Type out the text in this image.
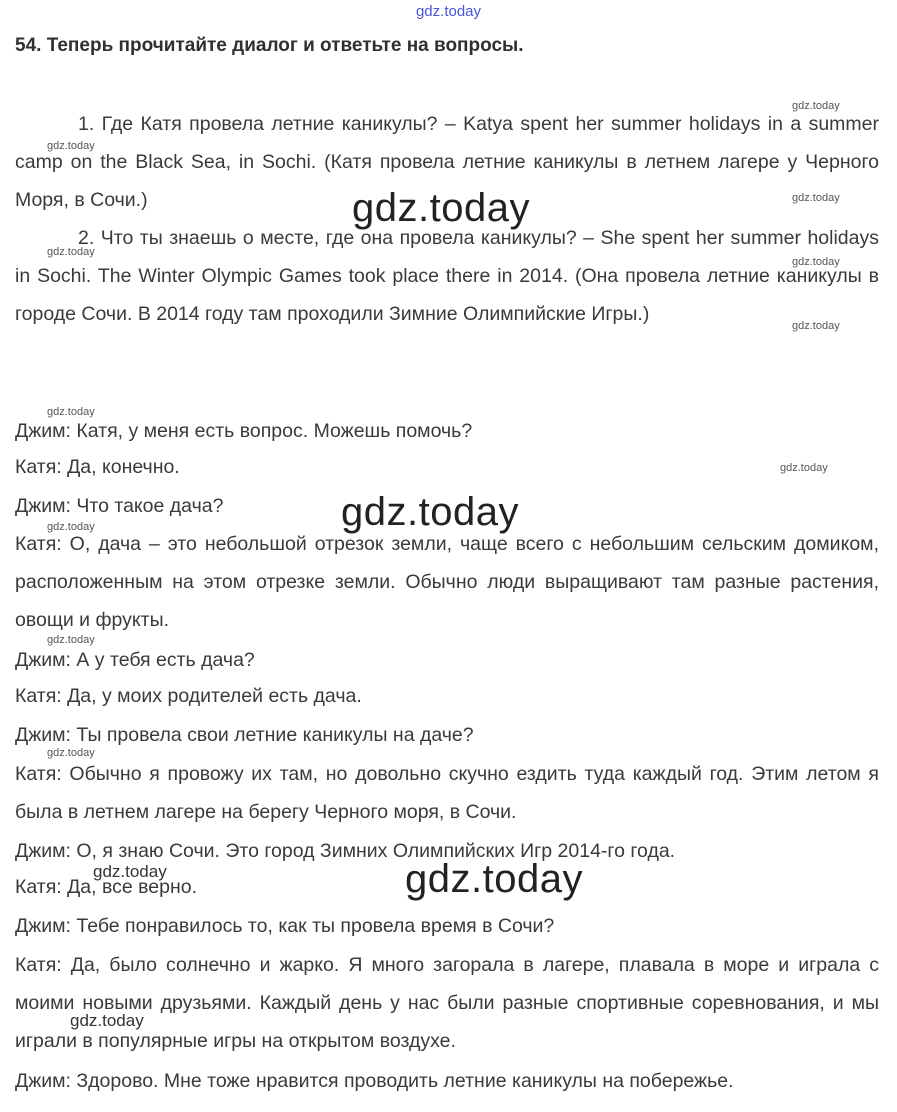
gdz.today
54. Теперь прочитайте диалог и ответьте на вопросы.
1. Где Катя провела летние каникулы? – Katya spent her summer holidays in a summer camp on the Black Sea, in Sochi. (Катя провела летние каникулы в летнем лагере у Черного Моря, в Сочи.)
2. Что ты знаешь о месте, где она провела каникулы? – She spent her summer holidays in Sochi. The Winter Olympic Games took place there in 2014. (Она провела летние каникулы в городе Сочи. В 2014 году там проходили Зимние Олимпийские Игры.)
Джим: Катя, у меня есть вопрос. Можешь помочь?
Катя: Да, конечно.
Джим: Что такое дача?
Катя: О, дача – это небольшой отрезок земли, чаще всего с небольшим сельским домиком, расположенным на этом отрезке земли. Обычно люди выращивают там разные растения, овощи и фрукты.
Джим: А у тебя есть дача?
Катя: Да, у моих родителей есть дача.
Джим: Ты провела свои летние каникулы на даче?
Катя: Обычно я провожу их там, но довольно скучно ездить туда каждый год. Этим летом я была в летнем лагере на берегу Черного моря, в Сочи.
Джим: О, я знаю Сочи. Это город Зимних Олимпийских Игр 2014-го года.
Катя: Да, все верно.
Джим: Тебе понравилось то, как ты провела время в Сочи?
Катя: Да, было солнечно и жарко. Я много загорала в лагере, плавала в море и играла с моими новыми друзьями. Каждый день у нас были разные спортивные соревнования, и мы играли в популярные игры на открытом воздухе.
Джим: Здорово. Мне тоже нравится проводить летние каникулы на побережье.
gdz.today
gdz.today
gdz.today
gdz.today
gdz.today
gdz.today
gdz.today
gdz.today
gdz.today
gdz.today
gdz.today
gdz.today
gdz.today
gdz.today
gdz.today
gdz.today
